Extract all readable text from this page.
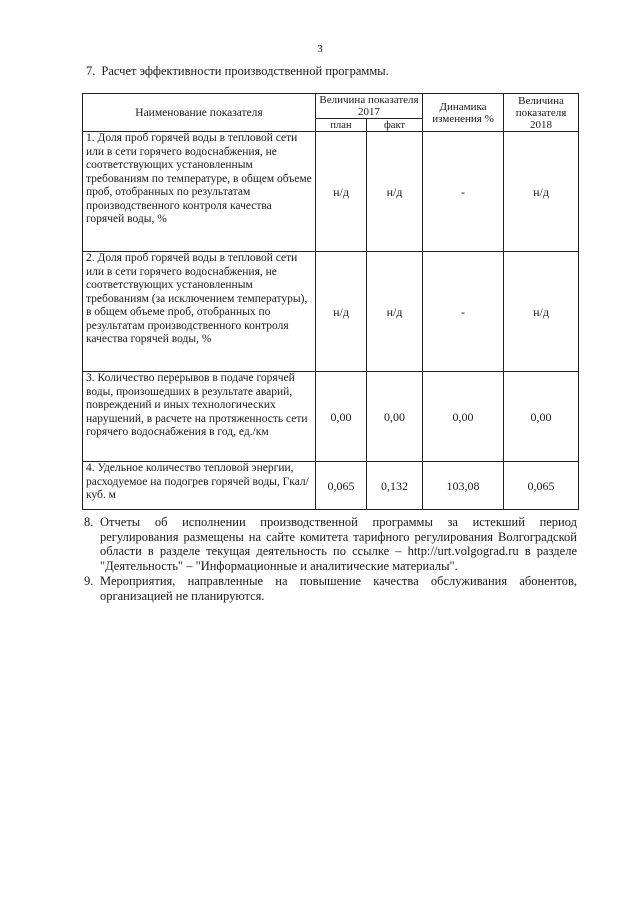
3
7. Расчет эффективности производственной программы.
Наименование показателя	Величина показателя 2017		Динамика изменения %	Величина показателя 2018
	план	факт		
1. Доля проб горячей воды в тепловой сети или в сети горячего водоснабжения, не соответствующих установленным требованиям по температуре, в общем объеме проб, отобранных по результатам производственного контроля качества горячей воды, %	н/д	н/д	-	н/д
2. Доля проб горячей воды в тепловой сети или в сети горячего водоснабжения, не соответствующих установленным требованиям (за исключением температуры), в общем объеме проб, отобранных по результатам производственного контроля качества горячей воды, %	н/д	н/д	-	н/д
3. Количество перерывов в подаче горячей воды, произошедших в результате аварий, повреждений и иных технологических нарушений, в расчете на протяженность сети горячего водоснабжения в год, ед./км	0,00	0,00	0,00	0,00
4. Удельное количество тепловой энергии, расходуемое на подогрев горячей воды, Гкал/куб. м	0,065	0,132	103,08	0,065
8. Отчеты об исполнении производственной программы за истекший период регулирования размещены на сайте комитета тарифного регулирования Волгоградской области в разделе текущая деятельность по ссылке – http://urt.volgograd.ru в разделе "Деятельность" – "Информационные и аналитические материалы".
9. Мероприятия, направленные на повышение качества обслуживания абонентов, организацией не планируются.
